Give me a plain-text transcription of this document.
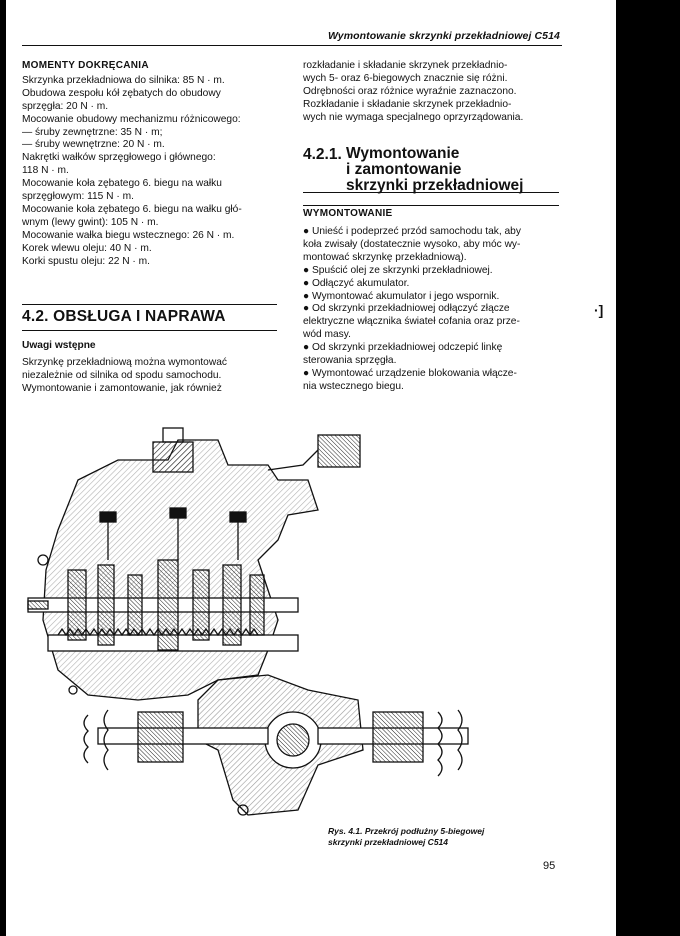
Wymontowanie skrzynki przekładniowej C514
MOMENTY DOKRĘCANIA
Skrzynka przekładniowa do silnika: 85 N · m.
Obudowa zespołu kół zębatych do obudowy
sprzęgła: 20 N · m.
Mocowanie obudowy mechanizmu różnicowego:
— śruby zewnętrzne: 35 N · m;
— śruby wewnętrzne: 20 N · m.
Nakrętki wałków sprzęgłowego i głównego:
118 N · m.
Mocowanie koła zębatego 6. biegu na wałku
sprzęgłowym: 115 N · m.
Mocowanie koła zębatego 6. biegu na wałku głó-
wnym (lewy gwint): 105 N · m.
Mocowanie wałka biegu wstecznego: 26 N · m.
Korek wlewu oleju: 40 N · m.
Korki spustu oleju: 22 N · m.
4.2. OBSŁUGA I NAPRAWA
Uwagi wstępne
Skrzynkę przekładniową można wymontować
niezależnie od silnika od spodu samochodu.
Wymontowanie i zamontowanie, jak również
rozkładanie i składanie skrzynek przekładnio-
wych 5- oraz 6-biegowych znacznie się różni.
Odrębności oraz różnice wyraźnie zaznaczono.
Rozkładanie i składanie skrzynek przekładnio-
wych nie wymaga specjalnego oprzyrządowania.
4.2.1. Wymontowanie
i zamontowanie
skrzynki przekładniowej
WYMONTOWANIE
● Unieść i podeprzeć przód samochodu tak, aby
koła zwisały (dostatecznie wysoko, aby móc wy-
montować skrzynkę przekładniową).
● Spuścić olej ze skrzynki przekładniowej.
● Odłączyć akumulator.
● Wymontować akumulator i jego wspornik.
● Od skrzynki przekładniowej odłączyć złącze
elektryczne włącznika świateł cofania oraz prze-
wód masy.
● Od skrzynki przekładniowej odczepić linkę
sterowania sprzęgła.
● Wymontować urządzenie blokowania włącze-
nia wstecznego biegu.
·]
Rys. 4.1. Przekrój podłużny 5-biegowej
skrzynki przekładniowej C514
95
